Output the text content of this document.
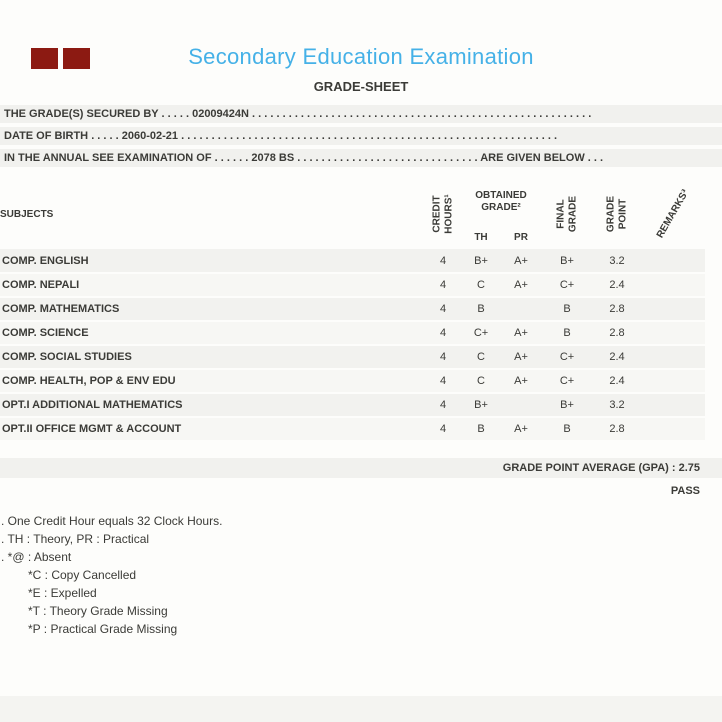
Secondary Education Examination
GRADE-SHEET
THE GRADE(S) SECURED BY . . . . . 02009424N . . . . . . . . . . . . . . . . . . . . . . . . . . . . . . . . . . . . . . . . . . . . . . . . . . . . . . . .
DATE OF BIRTH . . . . . 2060-02-21 . . . . . . . . . . . . . . . . . . . . . . . . . . . . . . . . . . . . . . . . . . . . . . . . . . . . . . . . . . . . . .
IN THE ANNUAL SEE EXAMINATION OF . . . . . . 2078 BS . . . . . . . . . . . . . . . . . . . . . . . . . . . . . . ARE GIVEN BELOW . . .
SUBJECTS	CREDIT HOURS¹	OBTAINED GRADE²		FINAL GRADE	GRADE POINT	REMARKS³

		TH	PR			
COMP. ENGLISH	4	B+	A+	B+	3.2	
COMP. NEPALI	4	C	A+	C+	2.4	
COMP. MATHEMATICS	4	B		B	2.8	
COMP. SCIENCE	4	C+	A+	B	2.8	
COMP. SOCIAL STUDIES	4	C	A+	C+	2.4	
COMP. HEALTH, POP & ENV EDU	4	C	A+	C+	2.4	
OPT.I ADDITIONAL MATHEMATICS	4	B+		B+	3.2	
OPT.II OFFICE MGMT & ACCOUNT	4	B	A+	B	2.8	
GRADE POINT AVERAGE (GPA) : 2.75
PASS
. One Credit Hour equals 32 Clock Hours.
. TH : Theory, PR : Practical
. *@ : Absent
*C : Copy Cancelled
*E : Expelled
*T : Theory Grade Missing
*P : Practical Grade Missing
